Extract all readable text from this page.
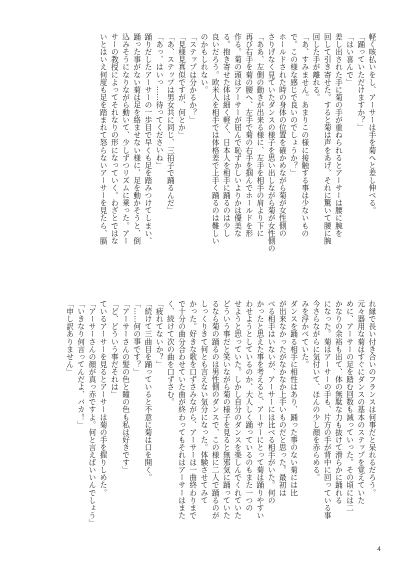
軽く咳払いをし、アーサーは手を菊へと差し伸べる。

「踊っていただけますか？」

「はい喜んで」

差し出された手に菊の手が重ねられるとアーサーは腰に腕を

回して引き寄せた。すると菊は声をあげ、それに驚いて腰に腕

回した手が離れる。

「あ、すみません。あまりこの様に接触する事は少ないもの

で。この様な感じで良いのでしょうか？」

ホールドされた時の身体の位置を確かめながら菊が女性側の

さりげなく見ていたダンスの様子を思い出しながら菊が女性側の

「ああ、左側の動きが出来る様に、左手を相手の肩より下に

再び右手を菊の腰へ、左手で菊の右手を掴んでホールドを形

作る。菊の頭はアーサーが屈んで恥ずかしいよりかは優美な

る。抱き寄せた体は細く軽く、日本人を相手に踊るのは少し

良いだろう。欧米人を相手では体格差で上手く踊るのは難しい

のかもしれない。

「ステップは分かるか？」

「見様見真似ですが、何とか」

「あ、ステップは男女共に同じ、三拍子で踊るんだ」

「あっ、はいっ……待ってくださいね」

踊りだしたアーサーの一歩目で早くも足を踏みつけてしまい、

踊った事がない菊は足を絡ませない様に、足を動かそうと、倒

込みそうになりながら動いて、少しずつリズムに乗った。アー

サーの教授によってそれなりの形になっていく。わざとではな

いとはいえ何度も足を踏まれて怒らないアーサーを見たら、膈

れ縁で長い付き合いのフランスは何事だと呆れるだろう。

元々器用な菊はすぐにダンスの基本のステップを覚えていた

めに、アーサーの足を踏む回数も減っていった。その頃には二

かなりの余裕も出て、体の無駄な力も抜けて滑らかに踊れる

になった。菊はアーサーの手も、片方の手が背中に回っている事

今さらながらに気付いて、ほんの少し顔を赤らめる。

みを浮かべていた。

ダンスを踊る相手に相性はあり、踊った事のない菊には比

が出来なかったがなかなか上手いものだと思った。最初は

べる相手はいないが、アーサーには比べる相手がいた。何の

かったと思えた事を考えると、アーサーにとって菊は踊りやすい

わせようとしているのか、大人しく踊っているのもまた一つの

せようと思っていた。しかし自分のダンスを楽しんでくれていた

どういう事だと笑いながら菊の様子を見ると無邪気に踊っていた

るなら菊の踊るのは男性側のダンスで、この様に二人で踊るのが

しっくりきて何とも言えない気分になった。体験させてみて

かった。好きな歌を口ずさみながら、アーサーは一曲終わりまで

で十分の曲分合わせていた曲が終わってもそれはアーサーはまた

く、続けて次の曲を口ずさむ。

「疲れてないか？」

「続けて三曲目を踊っていると不意に菊は口を開く。

「……何の事です？」

「アーサーさんの髪の色と瞳の色も私は好きです」

「ど、どういう事だそれは」

ているアーサーを見るとアーサーは菊の手を握りしめた。

「アーサーさんの顔が真っ赤ですよ。何と言えばいいんでしょう」

「いきなり何言ってんだよ、バカ！」

「申し訳ありません」

4
